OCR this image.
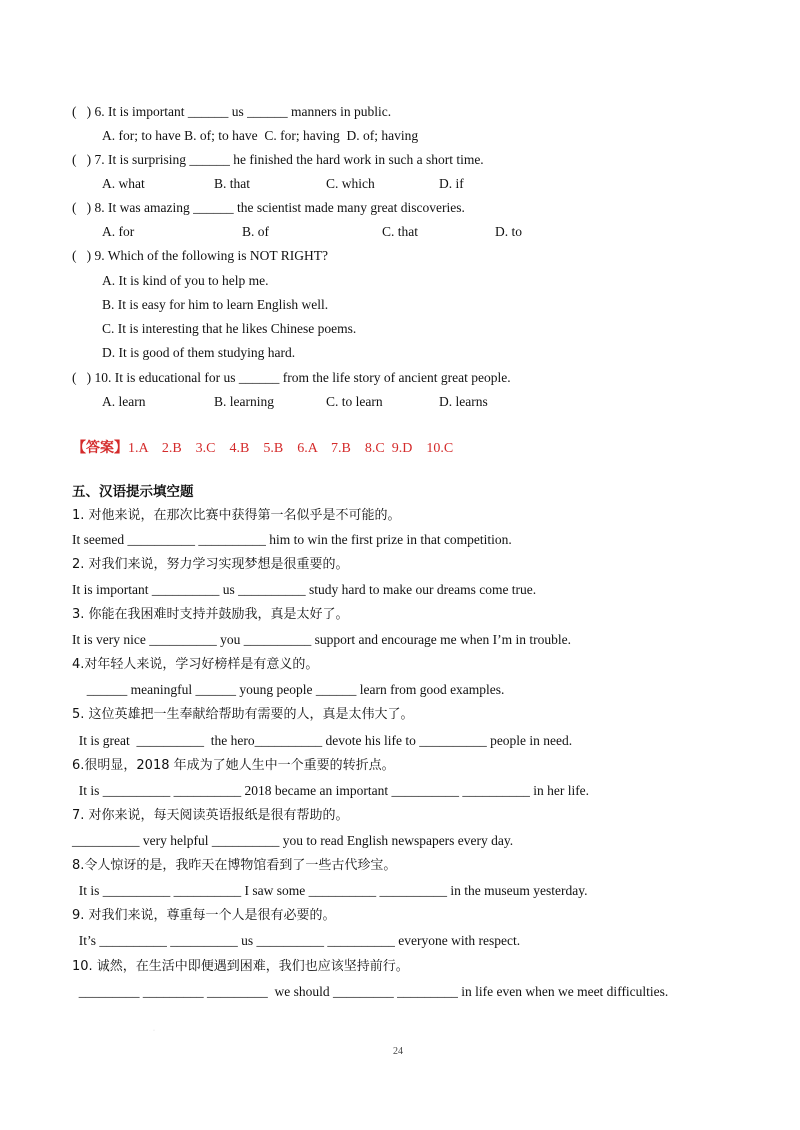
(   ) 6. It is important ______ us ______ manners in public.
A. for; to have B. of; to have  C. for; having  D. of; having
(   ) 7. It is surprising ______ he finished the hard work in such a short time.
A. what	B. that	C. which	D. if
(   ) 8. It was amazing ______ the scientist made many great discoveries.
A. for	B. of	C. that	D. to
(   ) 9. Which of the following is NOT RIGHT?
A. It is kind of you to help me.
B. It is easy for him to learn English well.
C. It is interesting that he likes Chinese poems.
D. It is good of them studying hard.
(   ) 10. It is educational for us ______ from the life story of ancient great people.
A. learn	B. learning	C. to learn	D. learns
【答案】1.A    2.B    3.C    4.B    5.B    6.A    7.B    8.C  9.D    10.C
五、汉语提示填空题
1. 对他来说，在那次比赛中获得第一名似乎是不可能的。
It seemed __________ __________ him to win the first prize in that competition.
2. 对我们来说，努力学习实现梦想是很重要的。
It is important __________ us __________ study hard to make our dreams come true.
3. 你能在我困难时支持并鼓励我，真是太好了。
It is very nice __________ you __________ support and encourage me when I’m in trouble.
4.对年轻人来说，学习好榜样是有意义的。
______ meaningful ______ young people ______ learn from good examples.
5. 这位英雄把一生奉献给帮助有需要的人，真是太伟大了。
It is great  __________  the hero__________ devote his life to __________ people in need.
6.很明显，2018 年成为了她人生中一个重要的转折点。
It is __________ __________ 2018 became an important __________ __________ in her life.
7. 对你来说，每天阅读英语报纸是很有帮助的。
__________ very helpful __________ you to read English newspapers every day.
8.令人惊讶的是，我昨天在博物馆看到了一些古代珍宝。
It is __________ __________ I saw some __________ __________ in the museum yesterday.
9. 对我们来说，尊重每一个人是很有必要的。
It’s __________ __________ us __________ __________ everyone with respect.
10. 诚然，在生活中即便遇到困难，我们也应该坚持前行。
_________ _________ _________  we should _________ _________ in life even when we meet difficulties.
·
24
